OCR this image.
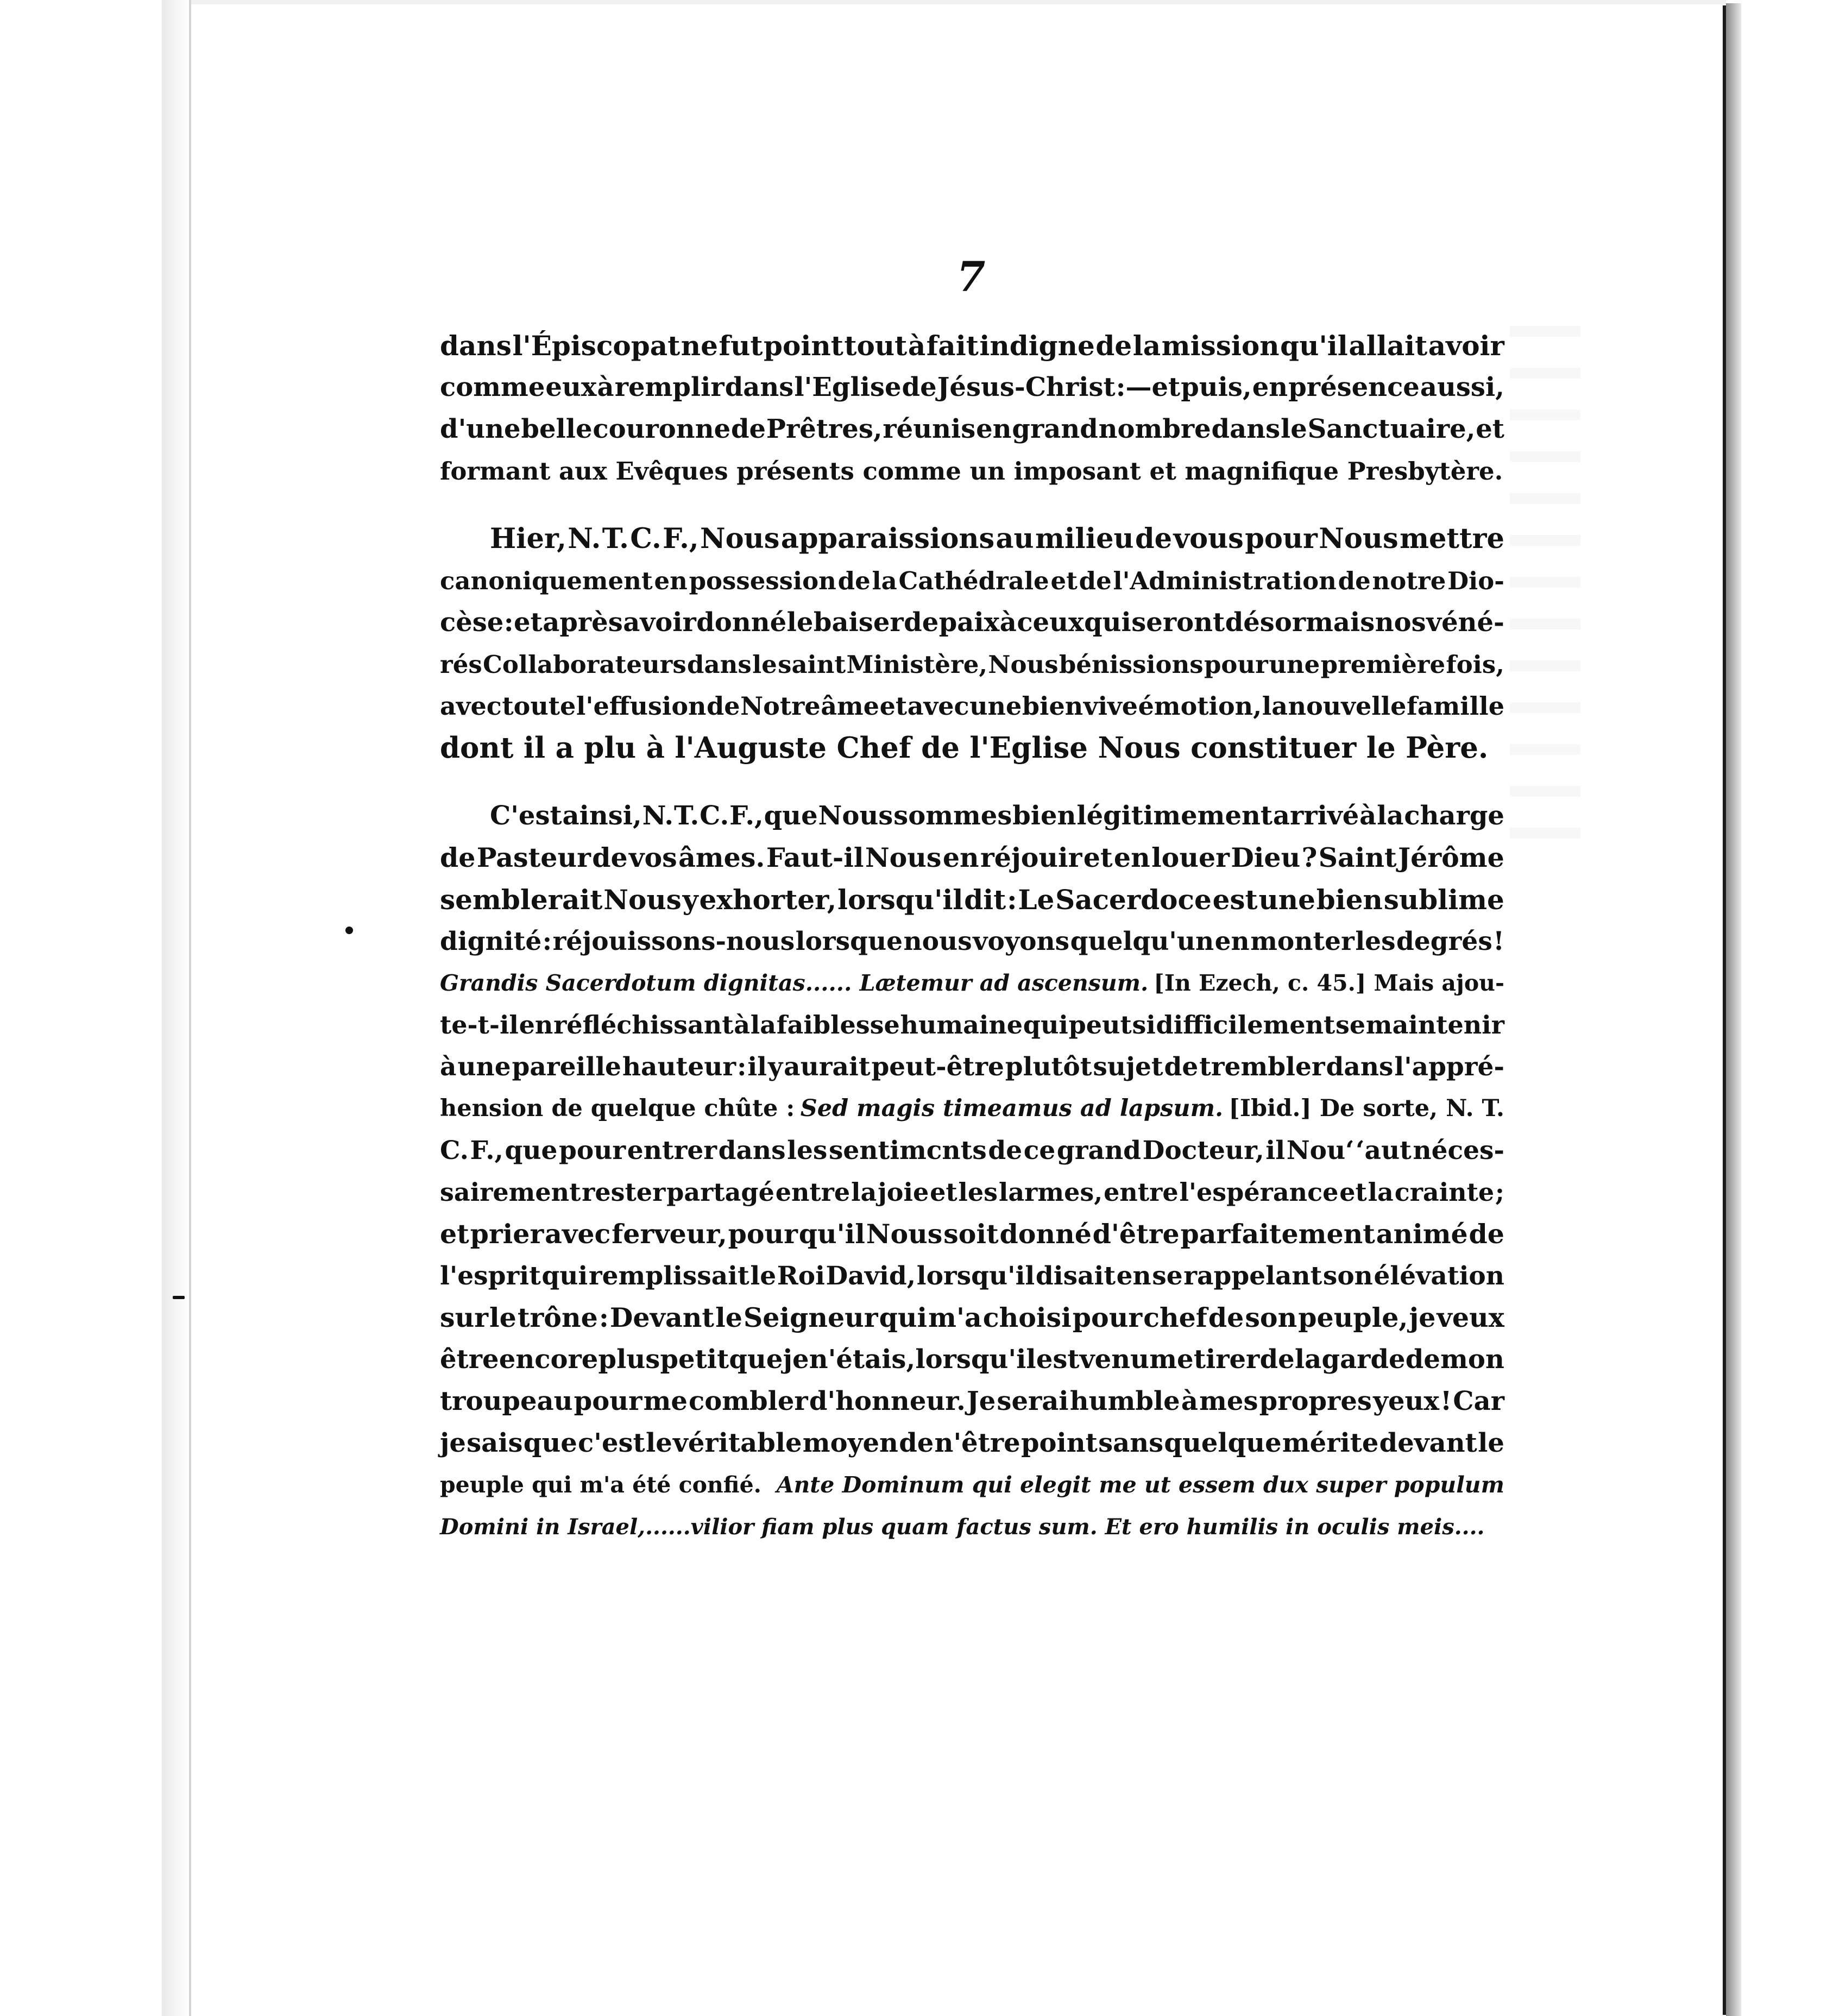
7
dans l'Épiscopat ne fut point tout à fait indigne de la mission qu'il allait avoir
comme eux à remplir dans l'Eglise de Jésus-Christ :—et puis, en présence aussi,
d'une belle couronne de Prêtres, réunis en grand nombre dans le Sanctuaire, et
formant aux Evêques présents comme un imposant et magnifique Presbytère.
Hier, N. T. C. F., Nous apparaissions au milieu de vous pour Nous mettre
canoniquement en possession de la Cathédrale et de l'Administration de notre Dio-
cèse : et après avoir donné le baiser de paix à ceux qui seront désormais nos véné-
rés Collaborateurs dans le saint Ministère, Nous bénissions pour une première fois,
avec toute l'effusion de Notre âme et avec une bien vive émotion, la nouvelle famille
dont il a plu à l'Auguste Chef de l'Eglise Nous constituer le Père.
C'est ainsi, N. T. C. F., que Nous sommes bien légitimement arrivé à la charge
de Pasteur de vos âmes. Faut-il Nous en réjouir et en louer Dieu ? Saint Jérôme
semblerait Nous y exhorter, lorsqu'il dit : Le Sacerdoce est une bien sublime
dignité : réjouissons-nous lorsque nous voyons quelqu'un en monter les degrés !
Grandis Sacerdotum dignitas...... Lætemur ad ascensum. [In Ezech, c. 45.] Mais ajou-
te-t-il en réfléchissant à la faiblesse humaine qui peut si difficilement se maintenir
à une pareille hauteur : il y aurait peut-être plutôt sujet de trembler dans l'appré-
hension de quelque chûte : Sed magis timeamus ad lapsum. [Ibid.] De sorte, N. T.
C. F., que pour entrer dans les sentimcnts de ce grand Docteur, il Nou‘ ‘aut néces-
sairement rester partagé entre la joie et les larmes, entre l'espérance et la crainte ;
et prier avec ferveur, pour qu'il Nous soit donné d'être parfaitement animé de
l'esprit qui remplissait le Roi David, lorsqu'il disait en se rappelant son élévation
sur le trône : Devant le Seigneur qui m'a choisi pour chef de son peuple, je veux
être encore plus petit que je n'étais, lorsqu'il est venu me tirer de la garde de mon
troupeau pour me combler d'honneur. Je serai humble à mes propres yeux ! Car
je sais que c'est le véritable moyen de n'être point sans quelque mérite devant le
peuple qui m'a été confié. Ante Dominum qui elegit me ut essem dux super populum
Domini in Israel,......vilior fiam plus quam factus sum. Et ero humilis in oculis meis....
